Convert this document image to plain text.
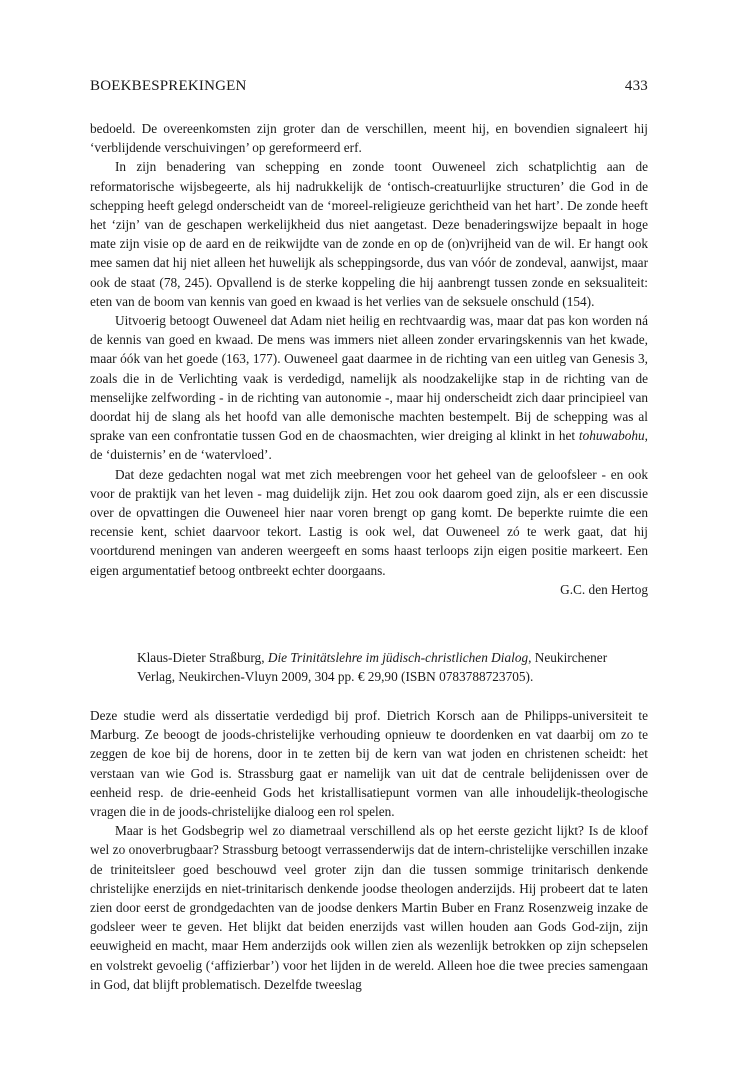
BOEKBESPREKINGEN	433

bedoeld. De overeenkomsten zijn groter dan de verschillen, meent hij, en bovendien signaleert hij ‘verblijdende verschuivingen’ op gereformeerd erf.

In zijn benadering van schepping en zonde toont Ouweneel zich schatplichtig aan de reformatorische wijsbegeerte, als hij nadrukkelijk de ‘ontisch-creatuurlijke structuren’ die God in de schepping heeft gelegd onderscheidt van de ‘moreel-religieuze gerichtheid van het hart’. De zonde heeft het ‘zijn’ van de geschapen werkelijkheid dus niet aangetast. Deze benaderingswijze bepaalt in hoge mate zijn visie op de aard en de reikwijdte van de zonde en op de (on)vrijheid van de wil. Er hangt ook mee samen dat hij niet alleen het huwelijk als scheppingsorde, dus van vóór de zondeval, aanwijst, maar ook de staat (78, 245). Opvallend is de sterke koppeling die hij aanbrengt tussen zonde en seksualiteit: eten van de boom van kennis van goed en kwaad is het verlies van de seksuele onschuld (154).

Uitvoerig betoogt Ouweneel dat Adam niet heilig en rechtvaardig was, maar dat pas kon worden ná de kennis van goed en kwaad. De mens was immers niet alleen zonder ervaringskennis van het kwade, maar óók van het goede (163, 177). Ouweneel gaat daarmee in de richting van een uitleg van Genesis 3, zoals die in de Verlichting vaak is verdedigd, namelijk als noodzakelijke stap in de richting van de menselijke zelfwording - in de richting van autonomie -, maar hij onderscheidt zich daar principieel van doordat hij de slang als het hoofd van alle demonische machten bestempelt. Bij de schepping was al sprake van een confrontatie tussen God en de chaosmachten, wier dreiging al klinkt in het tohuwabohu, de ‘duisternis’ en de ‘watervloed’.

Dat deze gedachten nogal wat met zich meebrengen voor het geheel van de geloofsleer - en ook voor de praktijk van het leven - mag duidelijk zijn. Het zou ook daarom goed zijn, als er een discussie over de opvattingen die Ouweneel hier naar voren brengt op gang komt. De beperkte ruimte die een recensie kent, schiet daarvoor tekort. Lastig is ook wel, dat Ouweneel zó te werk gaat, dat hij voortdurend meningen van anderen weergeeft en soms haast terloops zijn eigen positie markeert. Een eigen argumentatief betoog ontbreekt echter doorgaans.

G.C. den Hertog
Klaus-Dieter Straßburg, Die Trinitätslehre im jüdisch-christlichen Dialog, Neukirchener Verlag, Neukirchen-Vluyn 2009, 304 pp. € 29,90 (ISBN 0783788723705).

Deze studie werd als dissertatie verdedigd bij prof. Dietrich Korsch aan de Philipps-universiteit te Marburg. Ze beoogt de joods-christelijke verhouding opnieuw te doordenken en vat daarbij om zo te zeggen de koe bij de horens, door in te zetten bij de kern van wat joden en christenen scheidt: het verstaan van wie God is. Strassburg gaat er namelijk van uit dat de centrale belijdenissen over de eenheid resp. de drie-eenheid Gods het kristallisatiepunt vormen van alle inhoudelijk-theologische vragen die in de joods-christelijke dialoog een rol spelen.

Maar is het Godsbegrip wel zo diametraal verschillend als op het eerste gezicht lijkt? Is de kloof wel zo onoverbrugbaar? Strassburg betoogt verrassenderwijs dat de intern-christelijke verschillen inzake de triniteitsleer goed beschouwd veel groter zijn dan die tussen sommige trinitarisch denkende christelijke enerzijds en niet-trinitarisch denkende joodse theologen anderzijds. Hij probeert dat te laten zien door eerst de grondgedachten van de joodse denkers Martin Buber en Franz Rosenzweig inzake de godsleer weer te geven. Het blijkt dat beiden enerzijds vast willen houden aan Gods God-zijn, zijn eeuwigheid en macht, maar Hem anderzijds ook willen zien als wezenlijk betrokken op zijn schepselen en volstrekt gevoelig (‘affizierbar’) voor het lijden in de wereld. Alleen hoe die twee precies samengaan in God, dat blijft problematisch. Dezelfde tweeslag
